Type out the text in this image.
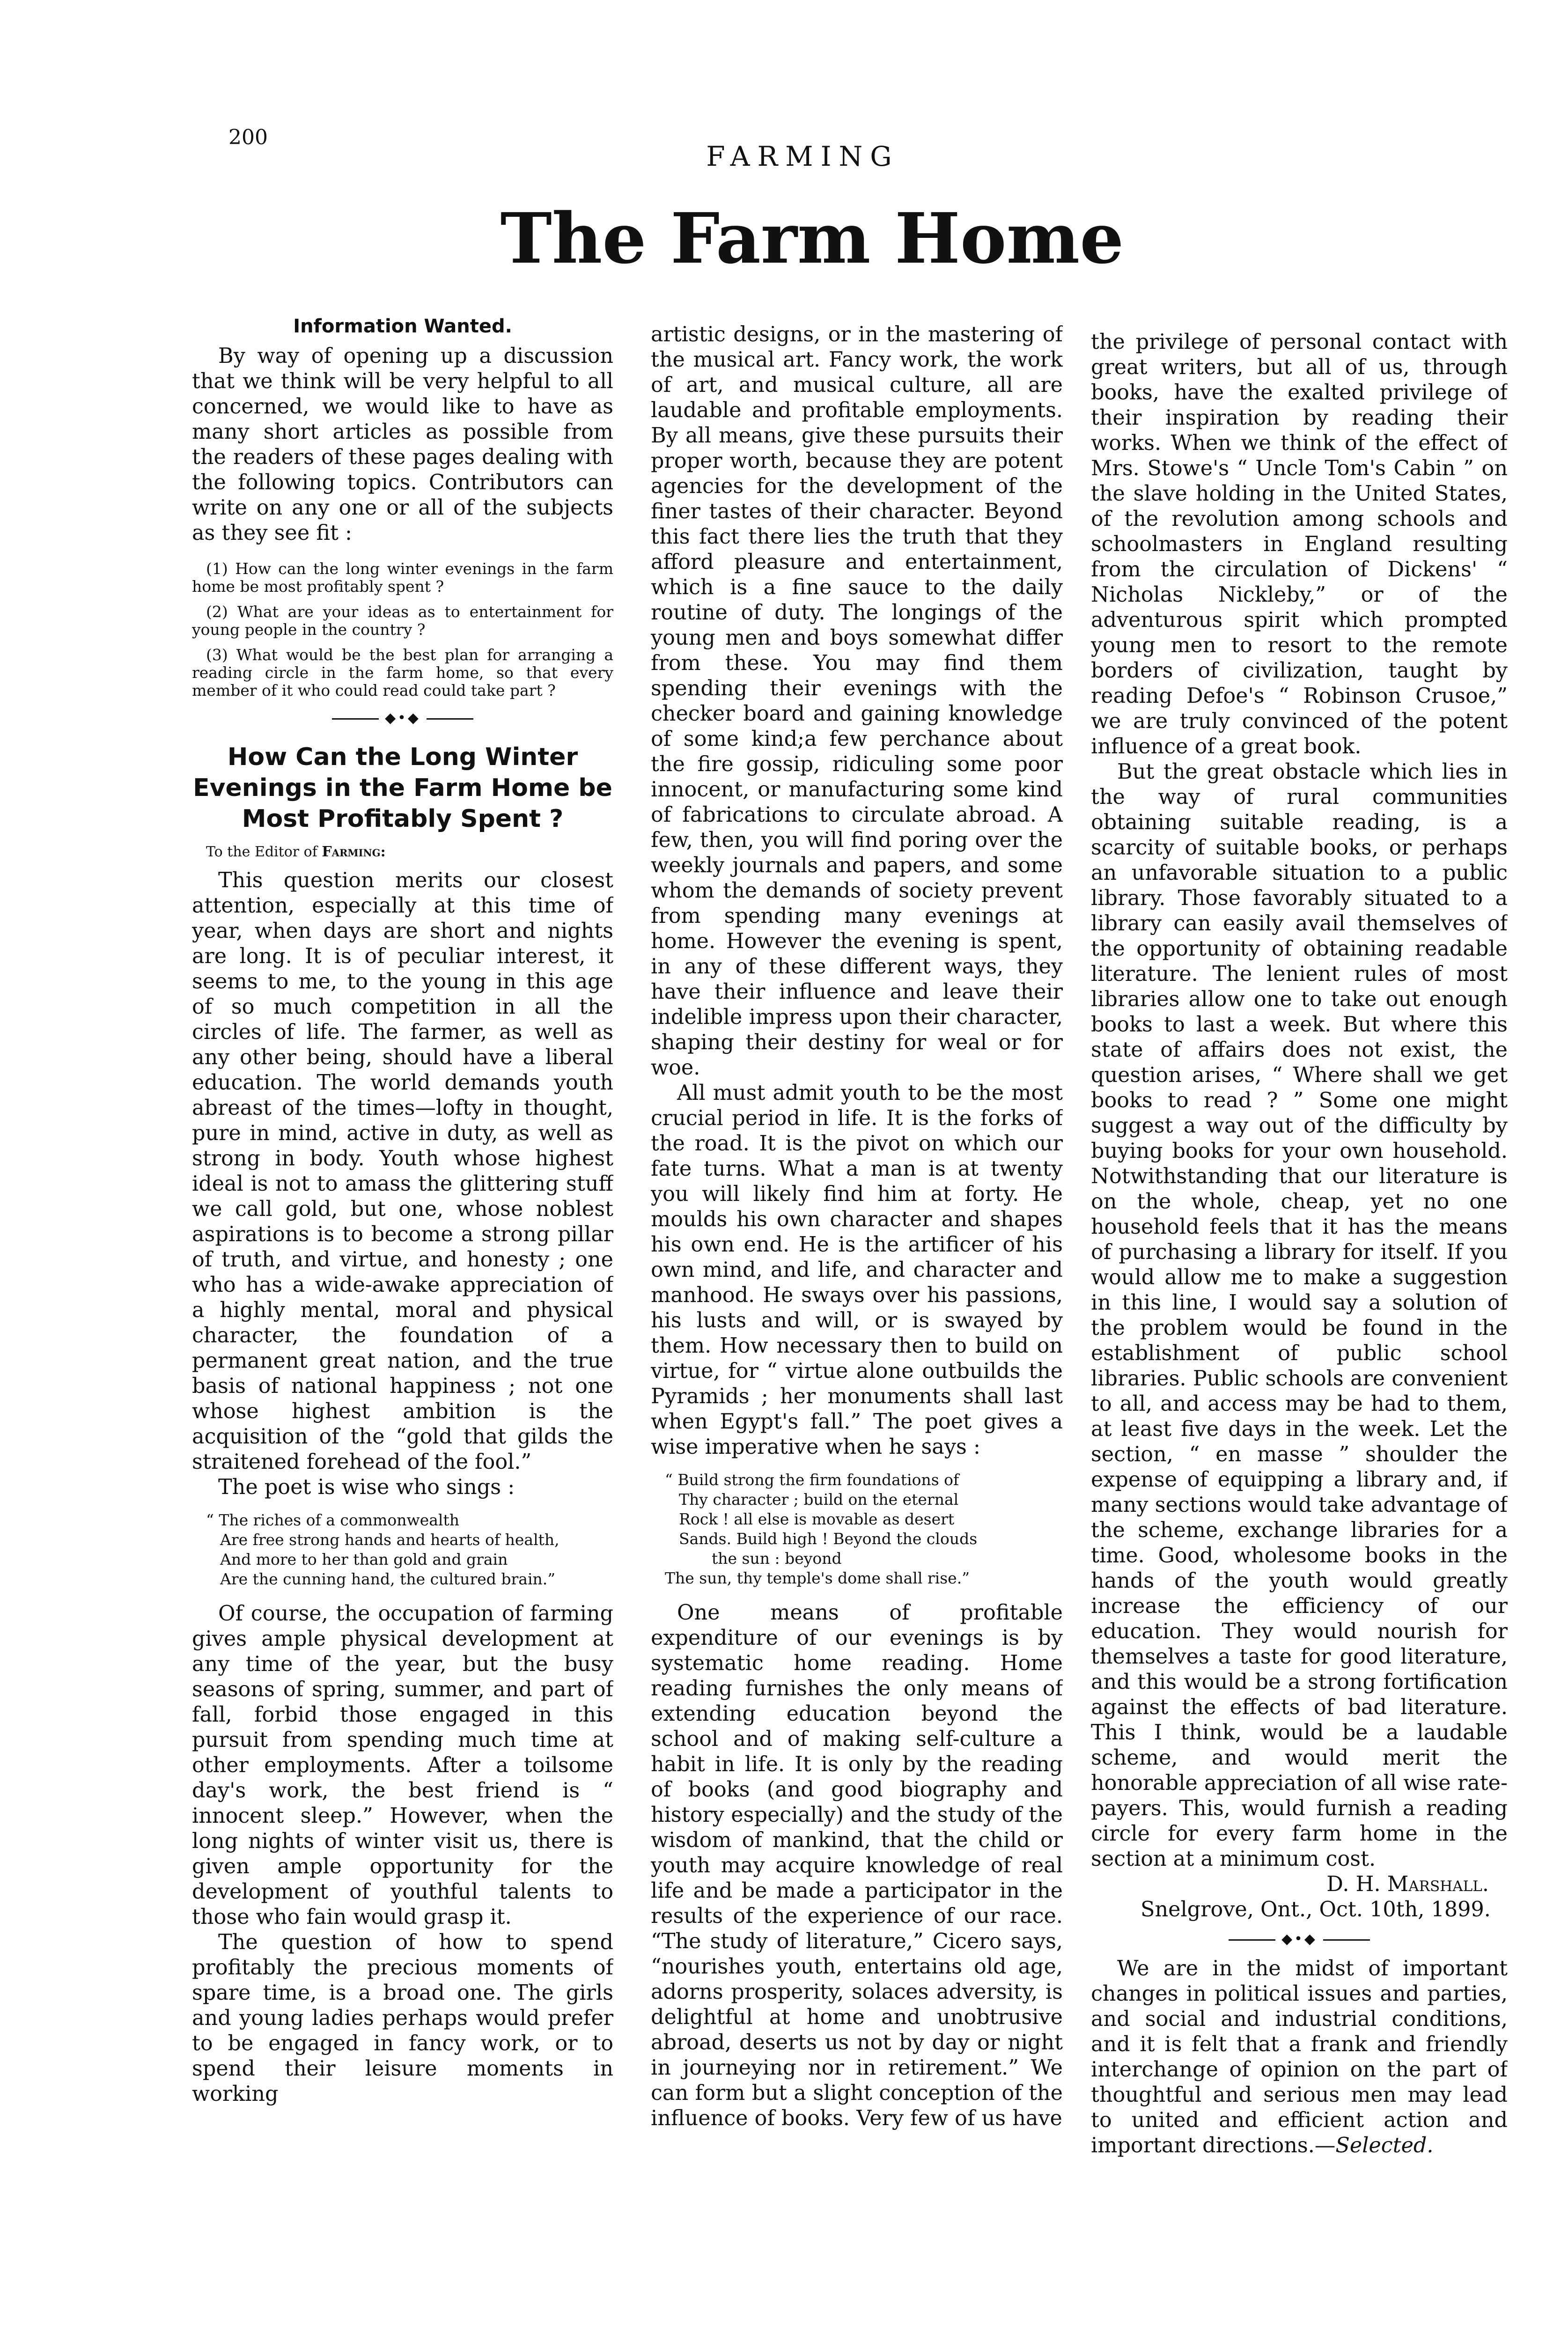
200
FARMING
The Farm Home
Information Wanted.

By way of opening up a discussion that we think will be very helpful to all concerned, we would like to have as many short articles as possible from the readers of these pages dealing with the following topics. Contributors can write on any one or all of the subjects as they see fit :

(1) How can the long winter evenings in the farm home be most profitably spent ?

(2) What are your ideas as to entertainment for young people in the country ?

(3) What would be the best plan for arranging a reading circle in the farm home, so that every member of it who could read could take part ?

◆•◆
How Can the Long Winter Evenings in the Farm Home be Most Profitably Spent ?
To the Editor of Farming:

This question merits our closest attention, especially at this time of year, when days are short and nights are long. It is of peculiar interest, it seems to me, to the young in this age of so much competition in all the circles of life. The farmer, as well as any other being, should have a liberal education. The world demands youth abreast of the times—lofty in thought, pure in mind, active in duty, as well as strong in body. Youth whose highest ideal is not to amass the glittering stuff we call gold, but one, whose noblest aspirations is to become a strong pillar of truth, and virtue, and honesty ; one who has a wide-awake appreciation of a highly mental, moral and physical character, the foundation of a permanent great nation, and the true basis of national happiness ; not one whose highest ambition is the acquisition of the “gold that gilds the straitened forehead of the fool.”

The poet is wise who sings :

“ The riches of a commonwealth
Are free strong hands and hearts of health,
And more to her than gold and grain
Are the cunning hand, the cultured brain.”

Of course, the occupation of farming gives ample physical development at any time of the year, but the busy seasons of spring, summer, and part of fall, forbid those engaged in this pursuit from spending much time at other employments. After a toilsome day's work, the best friend is “ innocent sleep.” However, when the long nights of winter visit us, there is given ample opportunity for the development of youthful talents to those who fain would grasp it.

The question of how to spend profitably the precious moments of spare time, is a broad one. The girls and young ladies perhaps would prefer to be engaged in fancy work, or to spend their leisure moments in working

artistic designs, or in the mastering of the musical art. Fancy work, the work of art, and musical culture, all are laudable and profitable employments. By all means, give these pursuits their proper worth, because they are potent agencies for the development of the finer tastes of their character. Beyond this fact there lies the truth that they afford pleasure and entertainment, which is a fine sauce to the daily routine of duty. The longings of the young men and boys somewhat differ from these. You may find them spending their evenings with the checker board and gaining knowledge of some kind;a few perchance about the fire gossip, ridiculing some poor innocent, or manufacturing some kind of fabrications to circulate abroad. A few, then, you will find poring over the weekly journals and papers, and some whom the demands of society prevent from spending many evenings at home. However the evening is spent, in any of these different ways, they have their influence and leave their indelible impress upon their character, shaping their destiny for weal or for woe.

All must admit youth to be the most crucial period in life. It is the forks of the road. It is the pivot on which our fate turns. What a man is at twenty you will likely find him at forty. He moulds his own character and shapes his own end. He is the artificer of his own mind, and life, and character and manhood. He sways over his passions, his lusts and will, or is swayed by them. How necessary then to build on virtue, for “ virtue alone outbuilds the Pyramids ; her monuments shall last when Egypt's fall.” The poet gives a wise imperative when he says :

“ Build strong the firm foundations of
Thy character ; build on the eternal
Rock ! all else is movable as desert
Sands. Build high ! Beyond the clouds
the sun : beyond
The sun, thy temple's dome shall rise.”

One means of profitable expenditure of our evenings is by systematic home reading. Home reading furnishes the only means of extending education beyond the school and of making self-culture a habit in life. It is only by the reading of books (and good biography and history especially) and the study of the wisdom of mankind, that the child or youth may acquire knowledge of real life and be made a participator in the results of the experience of our race. “The study of literature,” Cicero says, “nourishes youth, entertains old age, adorns prosperity, solaces adversity, is delightful at home and unobtrusive abroad, deserts us not by day or night in journeying nor in retirement.” We can form but a slight conception of the influence of books. Very few of us have

the privilege of personal contact with great writers, but all of us, through books, have the exalted privilege of their inspiration by reading their works. When we think of the effect of Mrs. Stowe's “ Uncle Tom's Cabin ” on the slave holding in the United States, of the revolution among schools and schoolmasters in England resulting from the circulation of Dickens' “ Nicholas Nickleby,” or of the adventurous spirit which prompted young men to resort to the remote borders of civilization, taught by reading Defoe's “ Robinson Crusoe,” we are truly convinced of the potent influence of a great book.

But the great obstacle which lies in the way of rural communities obtaining suitable reading, is a scarcity of suitable books, or perhaps an unfavorable situation to a public library. Those favorably situated to a library can easily avail themselves of the opportunity of obtaining readable literature. The lenient rules of most libraries allow one to take out enough books to last a week. But where this state of affairs does not exist, the question arises, “ Where shall we get books to read ? ” Some one might suggest a way out of the difficulty by buying books for your own household. Notwithstanding that our literature is on the whole, cheap, yet no one household feels that it has the means of purchasing a library for itself. If you would allow me to make a suggestion in this line, I would say a solution of the problem would be found in the establishment of public school libraries. Public schools are convenient to all, and access may be had to them, at least five days in the week. Let the section, “ en masse ” shoulder the expense of equipping a library and, if many sections would take advantage of the scheme, exchange libraries for a time. Good, wholesome books in the hands of the youth would greatly increase the efficiency of our education. They would nourish for themselves a taste for good literature, and this would be a strong fortification against the effects of bad literature. This I think, would be a laudable scheme, and would merit the honorable appreciation of all wise rate-payers. This, would furnish a reading circle for every farm home in the section at a minimum cost.

D. H. Marshall.

Snelgrove, Ont., Oct. 10th, 1899.

◆•◆

We are in the midst of important changes in political issues and parties, and social and industrial conditions, and it is felt that a frank and friendly interchange of opinion on the part of thoughtful and serious men may lead to united and efficient action and important directions.—Selected.
